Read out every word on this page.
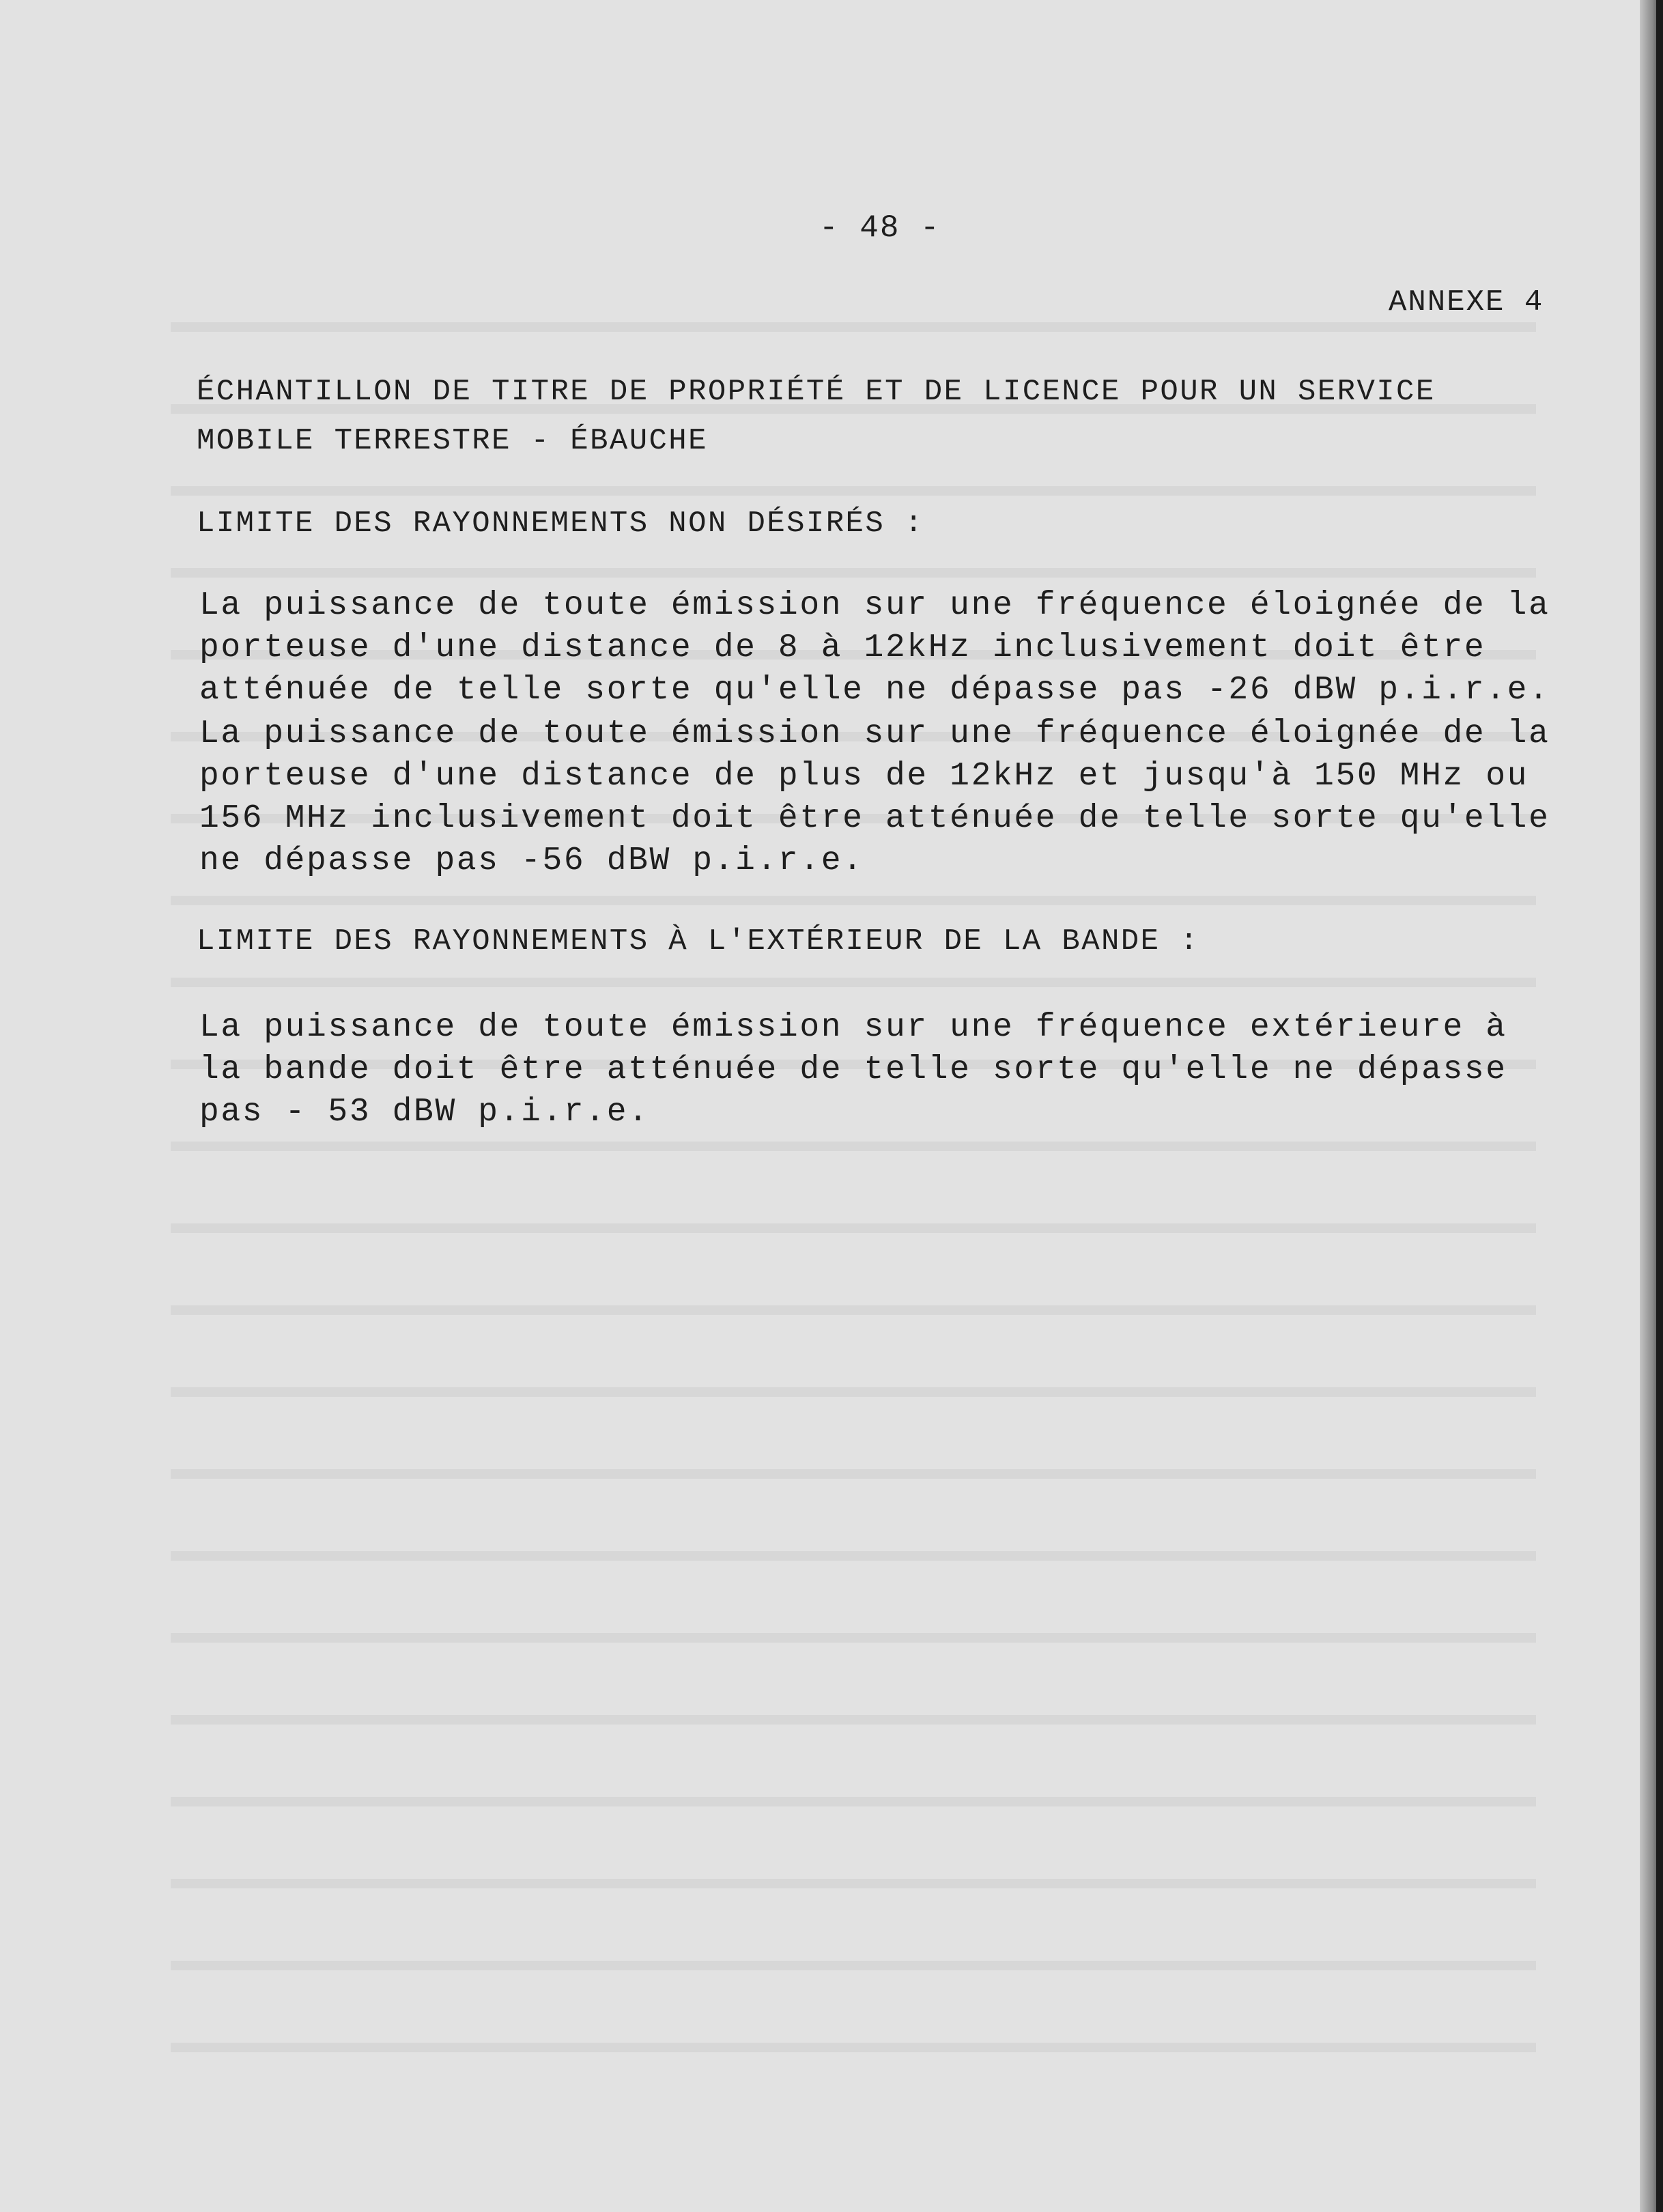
- 48 -
ANNEXE 4
ÉCHANTILLON DE TITRE DE PROPRIÉTÉ ET DE LICENCE POUR UN SERVICE
MOBILE TERRESTRE - ÉBAUCHE
LIMITE DES RAYONNEMENTS NON DÉSIRÉS :

La puissance de toute émission sur une fréquence éloignée de la porteuse d'une distance de 8 à 12kHz inclusivement doit être atténuée de telle sorte qu'elle ne dépasse pas -26 dBW p.i.r.e.

La puissance de toute émission sur une fréquence éloignée de la porteuse d'une distance de plus de 12kHz et jusqu'à 150 MHz ou 156 MHz inclusivement doit être atténuée de telle sorte qu'elle ne dépasse pas -56 dBW p.i.r.e.

LIMITE DES RAYONNEMENTS À L'EXTÉRIEUR DE LA BANDE :

La puissance de toute émission sur une fréquence extérieure à la bande doit être atténuée de telle sorte qu'elle ne dépasse pas - 53 dBW p.i.r.e.
